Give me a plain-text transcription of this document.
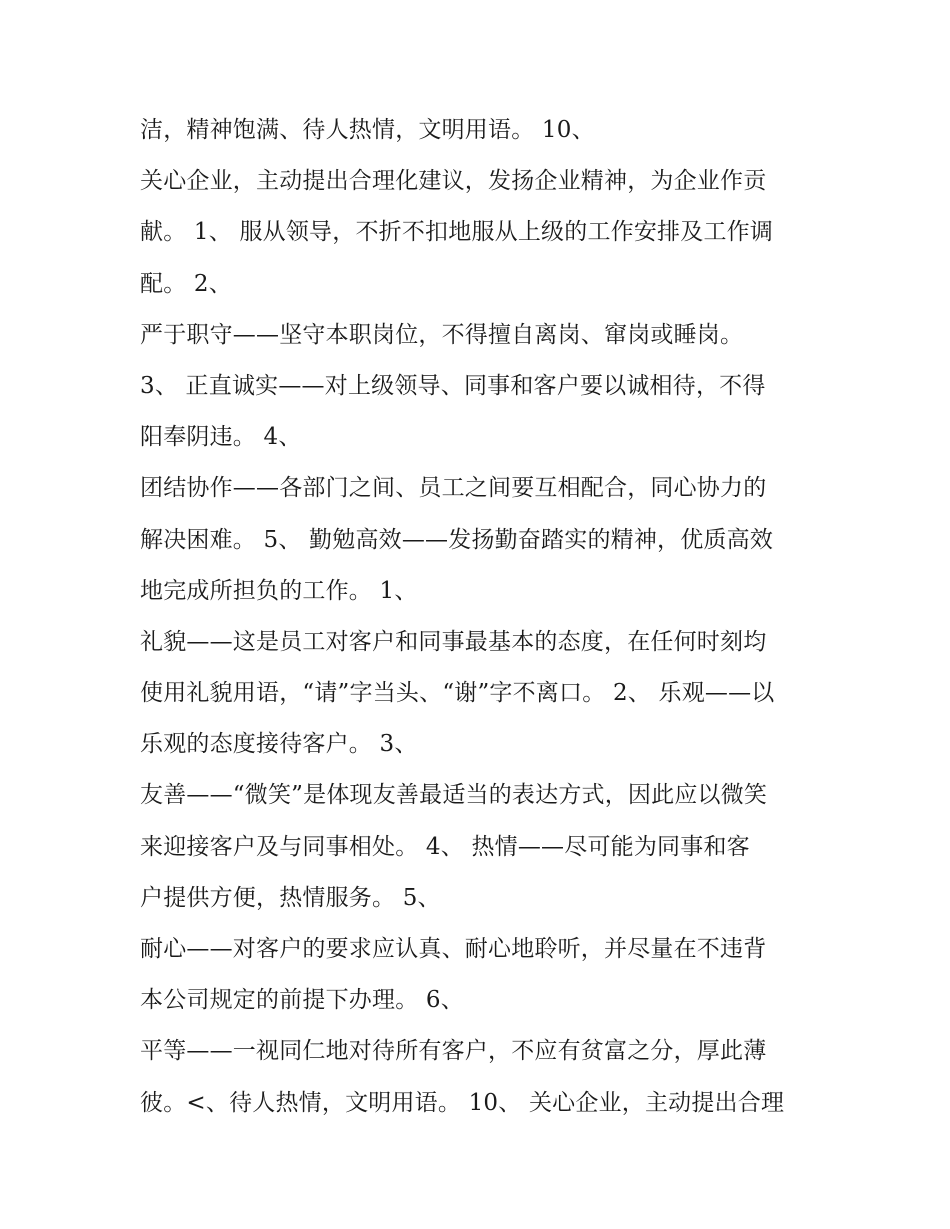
洁，精神饱满、待人热情，文明用语。 10、
关心企业，主动提出合理化建议，发扬企业精神，为企业作贡
献。 1、 服从领导，不折不扣地服从上级的工作安排及工作调
配。 2、
严于职守——坚守本职岗位，不得擅自离岗、窜岗或睡岗。
3、 正直诚实——对上级领导、同事和客户要以诚相待，不得
阳奉阴违。 4、
团结协作——各部门之间、员工之间要互相配合，同心协力的
解决困难。 5、 勤勉高效——发扬勤奋踏实的精神，优质高效
地完成所担负的工作。 1、
礼貌——这是员工对客户和同事最基本的态度，在任何时刻均
使用礼貌用语，“请”字当头、“谢”字不离口。 2、 乐观——以
乐观的态度接待客户。 3、
友善——“微笑”是体现友善最适当的表达方式，因此应以微笑
来迎接客户及与同事相处。 4、 热情——尽可能为同事和客
户提供方便，热情服务。 5、
耐心——对客户的要求应认真、耐心地聆听，并尽量在不违背
本公司规定的前提下办理。 6、
平等——一视同仁地对待所有客户，不应有贫富之分，厚此薄
彼。<、待人热情，文明用语。 10、 关心企业，主动提出合理
